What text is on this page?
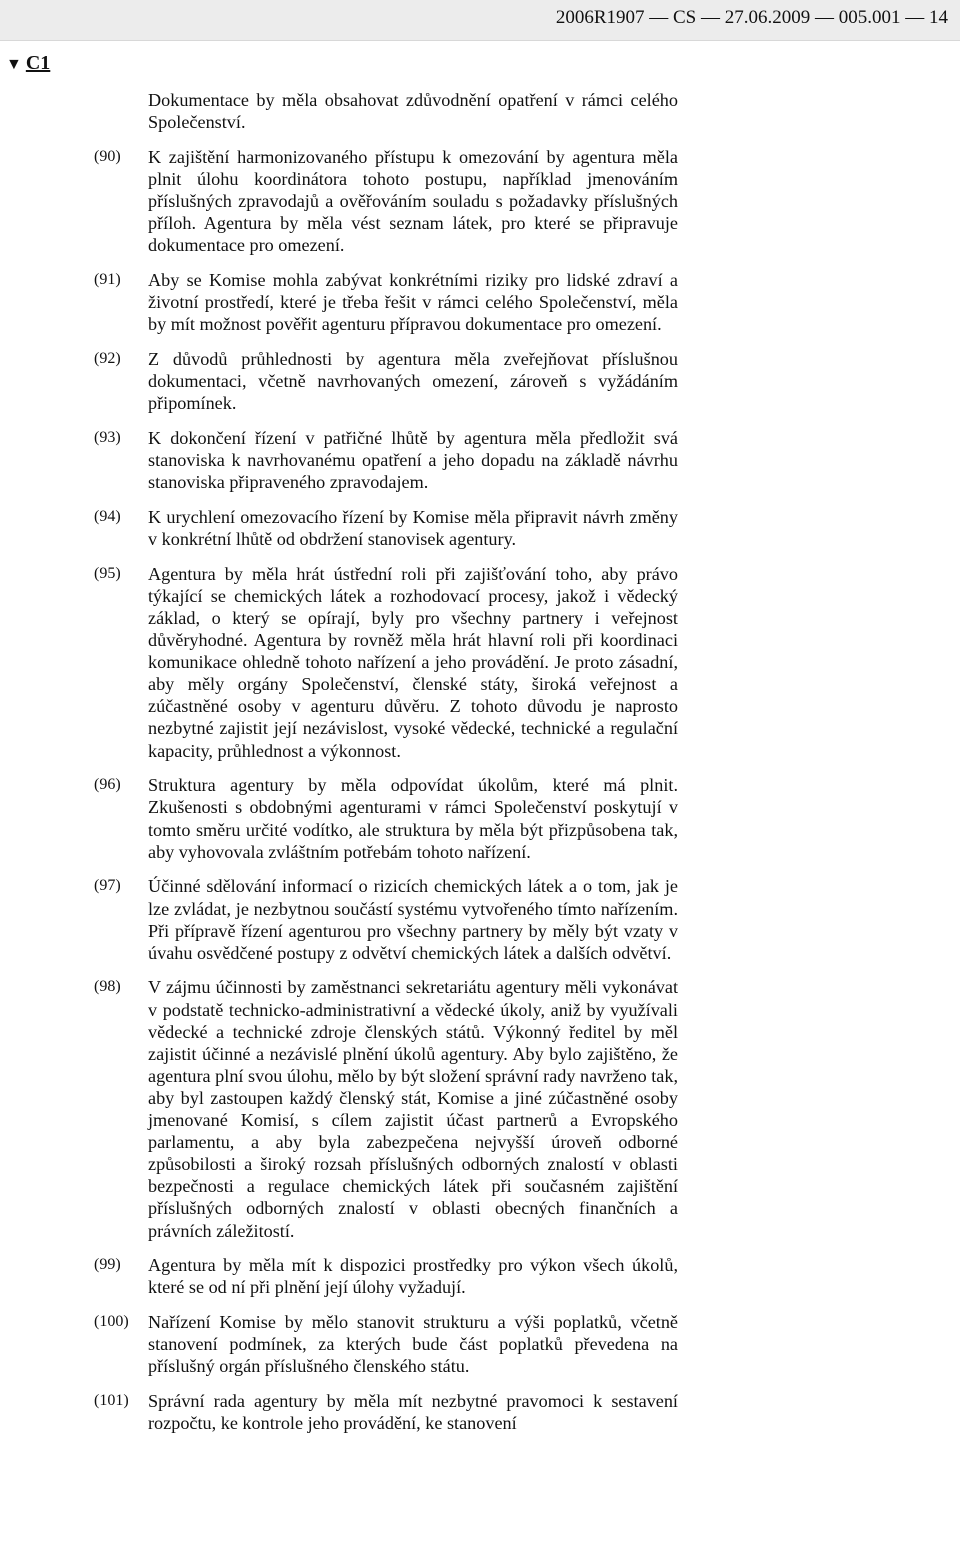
2006R1907 — CS — 27.06.2009 — 005.001 — 14
▼ C1
Dokumentace by měla obsahovat zdůvodnění opatření v rámci celého Společenství.
(90) K zajištění harmonizovaného přístupu k omezování by agentura měla plnit úlohu koordinátora tohoto postupu, například jmenováním příslušných zpravodajů a ověřováním souladu s požadavky příslušných příloh. Agentura by měla vést seznam látek, pro které se připravuje dokumentace pro omezení.
(91) Aby se Komise mohla zabývat konkrétními riziky pro lidské zdraví a životní prostředí, které je třeba řešit v rámci celého Společenství, měla by mít možnost pověřit agenturu přípravou dokumentace pro omezení.
(92) Z důvodů průhlednosti by agentura měla zveřejňovat příslušnou dokumentaci, včetně navrhovaných omezení, zároveň s vyžádáním připomínek.
(93) K dokončení řízení v patřičné lhůtě by agentura měla předložit svá stanoviska k navrhovanému opatření a jeho dopadu na základě návrhu stanoviska připraveného zpravodajem.
(94) K urychlení omezovacího řízení by Komise měla připravit návrh změny v konkrétní lhůtě od obdržení stanovisek agentury.
(95) Agentura by měla hrát ústřední roli při zajišťování toho, aby právo týkající se chemických látek a rozhodovací procesy, jakož i vědecký základ, o který se opírají, byly pro všechny partnery i veřejnost důvěryhodné. Agentura by rovněž měla hrát hlavní roli při koordinaci komunikace ohledně tohoto nařízení a jeho provádění. Je proto zásadní, aby měly orgány Společenství, členské státy, široká veřejnost a zúčastněné osoby v agenturu důvěru. Z tohoto důvodu je naprosto nezbytné zajistit její nezávislost, vysoké vědecké, technické a regulační kapacity, průhlednost a výkonnost.
(96) Struktura agentury by měla odpovídat úkolům, které má plnit. Zkušenosti s obdobnými agenturami v rámci Společenství poskytují v tomto směru určité vodítko, ale struktura by měla být přizpůsobena tak, aby vyhovovala zvláštním potřebám tohoto nařízení.
(97) Účinné sdělování informací o rizicích chemických látek a o tom, jak je lze zvládat, je nezbytnou součástí systému vytvořeného tímto nařízením. Při přípravě řízení agenturou pro všechny partnery by měly být vzaty v úvahu osvědčené postupy z odvětví chemických látek a dalších odvětví.
(98) V zájmu účinnosti by zaměstnanci sekretariátu agentury měli vykonávat v podstatě technicko-administrativní a vědecké úkoly, aniž by využívali vědecké a technické zdroje členských států. Výkonný ředitel by měl zajistit účinné a nezávislé plnění úkolů agentury. Aby bylo zajištěno, že agentura plní svou úlohu, mělo by být složení správní rady navrženo tak, aby byl zastoupen každý členský stát, Komise a jiné zúčastněné osoby jmenované Komisí, s cílem zajistit účast partnerů a Evropského parlamentu, a aby byla zabezpečena nejvyšší úroveň odborné způsobilosti a široký rozsah příslušných odborných znalostí v oblasti bezpečnosti a regulace chemických látek při současném zajištění příslušných odborných znalostí v oblasti obecných finančních a právních záležitostí.
(99) Agentura by měla mít k dispozici prostředky pro výkon všech úkolů, které se od ní při plnění její úlohy vyžadují.
(100) Nařízení Komise by mělo stanovit strukturu a výši poplatků, včetně stanovení podmínek, za kterých bude část poplatků převedena na příslušný orgán příslušného členského státu.
(101) Správní rada agentury by měla mít nezbytné pravomoci k sestavení rozpočtu, ke kontrole jeho provádění, ke stanovení
